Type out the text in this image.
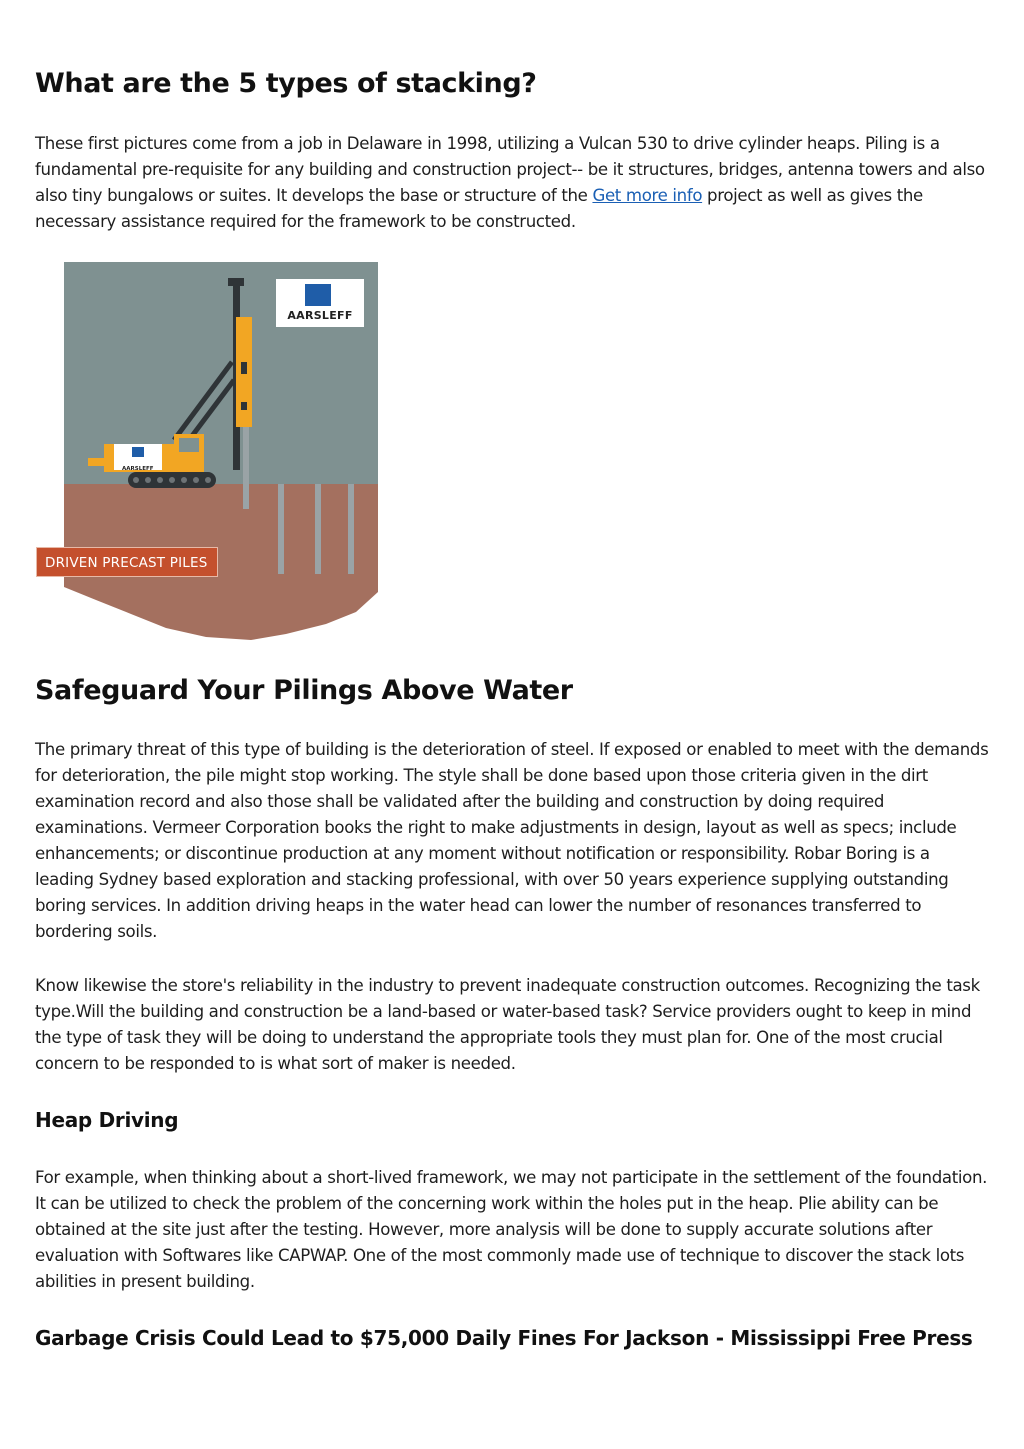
What are the 5 types of stacking?

These first pictures come from a job in Delaware in 1998, utilizing a Vulcan 530 to drive cylinder heaps. Piling is a fundamental pre-requisite for any building and construction project-- be it structures, bridges, antenna towers and also also tiny bungalows or suites. It develops the base or structure of the Get more info project as well as gives the necessary assistance required for the framework to be constructed.

Safeguard Your Pilings Above Water

The primary threat of this type of building is the deterioration of steel. If exposed or enabled to meet with the demands for deterioration, the pile might stop working. The style shall be done based upon those criteria given in the dirt examination record and also those shall be validated after the building and construction by doing required examinations. Vermeer Corporation books the right to make adjustments in design, layout as well as specs; include enhancements; or discontinue production at any moment without notification or responsibility. Robar Boring is a leading Sydney based exploration and stacking professional, with over 50 years experience supplying outstanding boring services. In addition driving heaps in the water head can lower the number of resonances transferred to bordering soils.

Know likewise the store's reliability in the industry to prevent inadequate construction outcomes. Recognizing the task type.Will the building and construction be a land-based or water-based task? Service providers ought to keep in mind the type of task they will be doing to understand the appropriate tools they must plan for. One of the most crucial concern to be responded to is what sort of maker is needed.

Heap Driving

For example, when thinking about a short-lived framework, we may not participate in the settlement of the foundation. It can be utilized to check the problem of the concerning work within the holes put in the heap. Plie ability can be obtained at the site just after the testing. However, more analysis will be done to supply accurate solutions after evaluation with Softwares like CAPWAP. One of the most commonly made use of technique to discover the stack lots abilities in present building.

Garbage Crisis Could Lead to $75,000 Daily Fines For Jackson - Mississippi Free Press
AARSLEFF
AARSLEFF
DRIVEN PRECAST PILES
